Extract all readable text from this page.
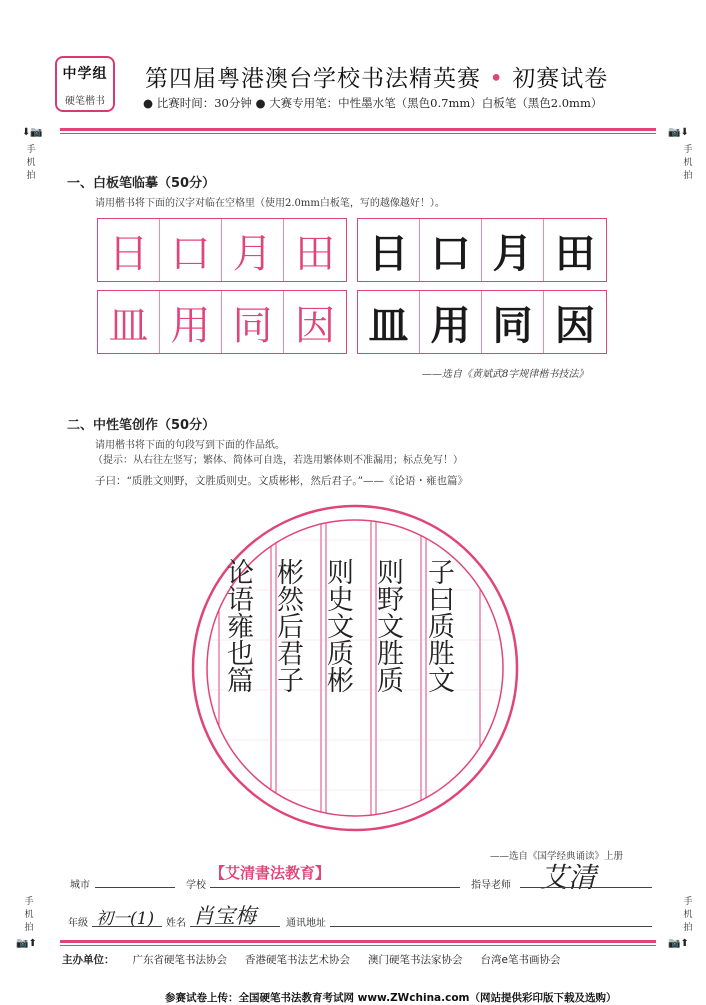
中学组
硬笔楷书
第四届粤港澳台学校书法精英赛 • 初赛试卷
● 比赛时间：30分钟 ● 大赛专用笔：中性墨水笔（黑色0.7mm）白板笔（黑色2.0mm）
⬇📷
手机拍
📷⬇
手机拍
一、白板笔临摹（50分）
请用楷书将下面的汉字对临在空格里（使用2.0mm白板笔，写的越像越好！）。
日 口 月 田 日 口 月 田
皿 用 同 因 皿 用 同 因
——选自《黄斌武8字规律楷书技法》
二、中性笔创作（50分）
请用楷书将下面的句段写到下面的作品纸。
（提示：从右往左竖写；繁体、简体可自选，若选用繁体则不准漏用；标点免写！）
子曰：“质胜文则野，文胜质则史。文质彬彬，然后君子。”——《论语・雍也篇》
子曰质胜文
则野文胜质
则史文质彬
彬然后君子
论语雍也篇
——选自《国学经典诵读》上册
城市	学校
【艾清書法教育】
指导老师 艾清
年级 初一(1) 姓名 肖宝梅	通讯地址
手机拍
📷⬆
手机拍
📷⬆
主办单位： 广东省硬笔书法协会 香港硬笔书法艺术协会 澳门硬笔书法家协会 台湾e笔书画协会
参赛试卷上传：全国硬笔书法教育考试网 www.ZWchina.com（网站提供彩印版下载及选购）
